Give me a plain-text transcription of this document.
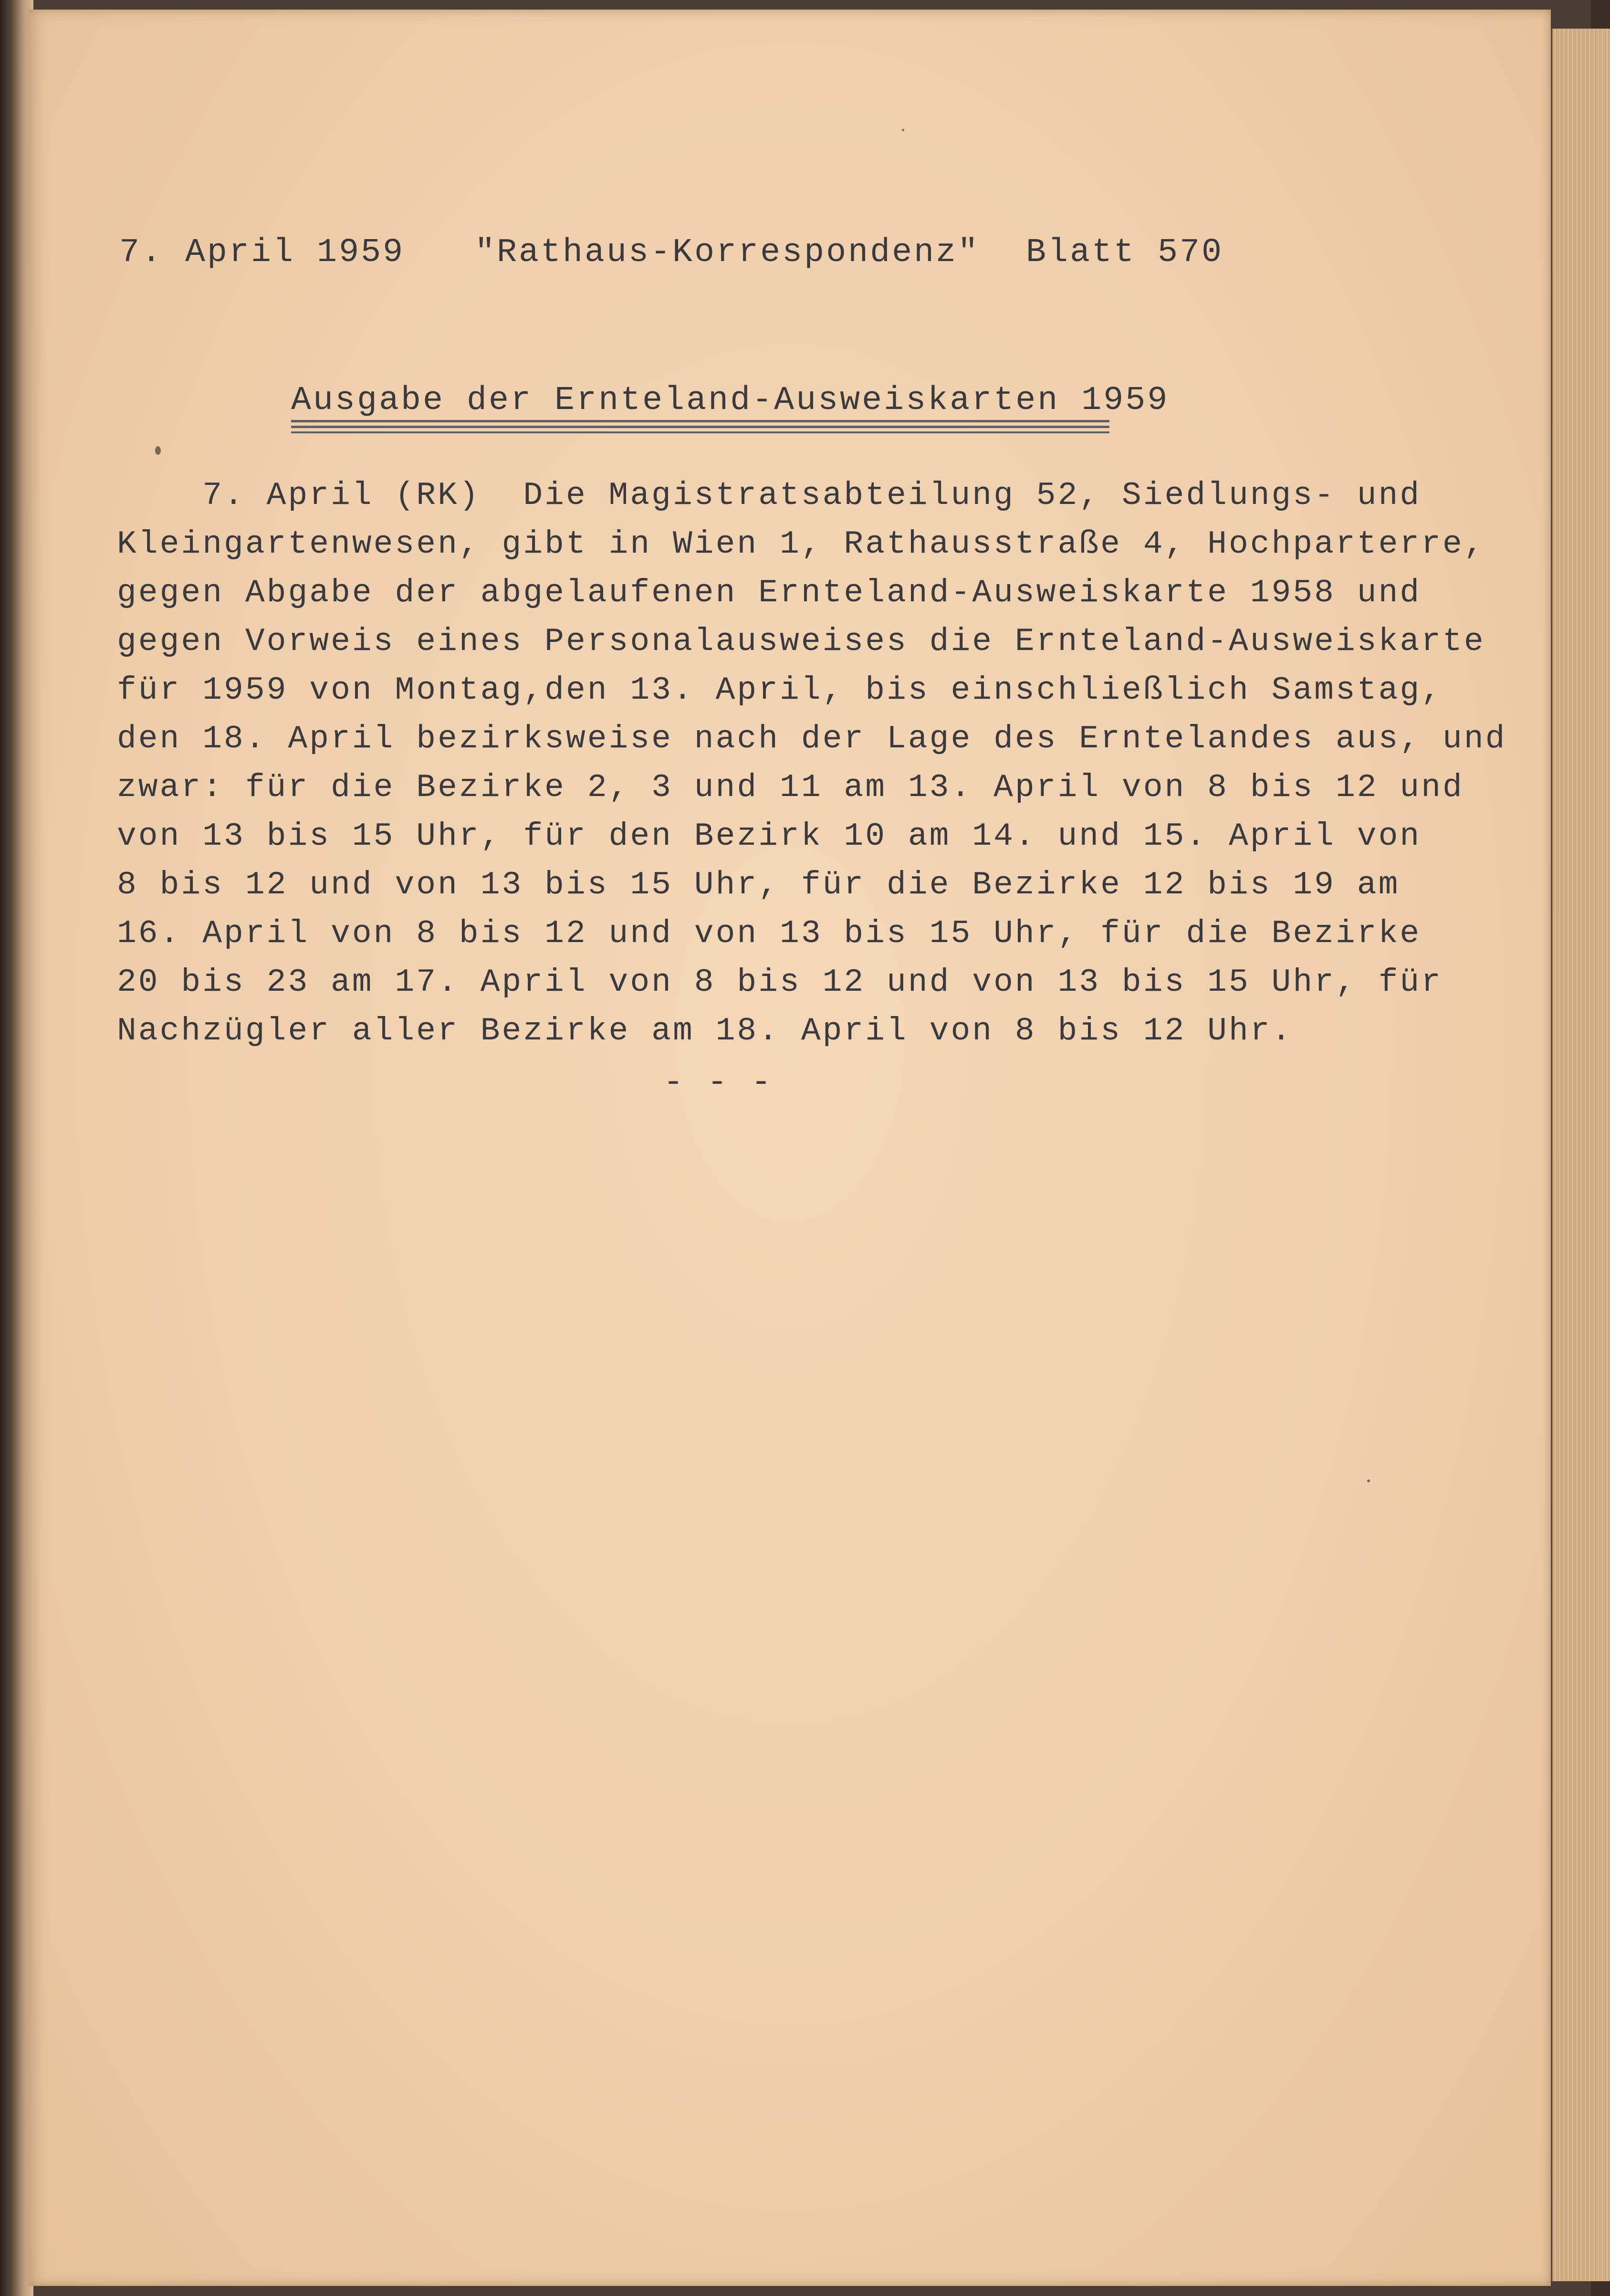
7. April 1959 "Rathaus-Korrespondenz" Blatt 570
Ausgabe der Ernteland-Ausweiskarten 1959
7. April (RK)  Die Magistratsabteilung 52, Siedlungs- und
Kleingartenwesen, gibt in Wien 1, Rathausstraße 4, Hochparterre,
gegen Abgabe der abgelaufenen Ernteland-Ausweiskarte 1958 und
gegen Vorweis eines Personalausweises die Ernteland-Ausweiskarte
für 1959 von Montag,den 13. April, bis einschließlich Samstag,
den 18. April bezirksweise nach der Lage des Erntelandes aus, und
zwar: für die Bezirke 2, 3 und 11 am 13. April von 8 bis 12 und
von 13 bis 15 Uhr, für den Bezirk 10 am 14. und 15. April von
8 bis 12 und von 13 bis 15 Uhr, für die Bezirke 12 bis 19 am
16. April von 8 bis 12 und von 13 bis 15 Uhr, für die Bezirke
20 bis 23 am 17. April von 8 bis 12 und von 13 bis 15 Uhr, für
Nachzügler aller Bezirke am 18. April von 8 bis 12 Uhr.
- - -
